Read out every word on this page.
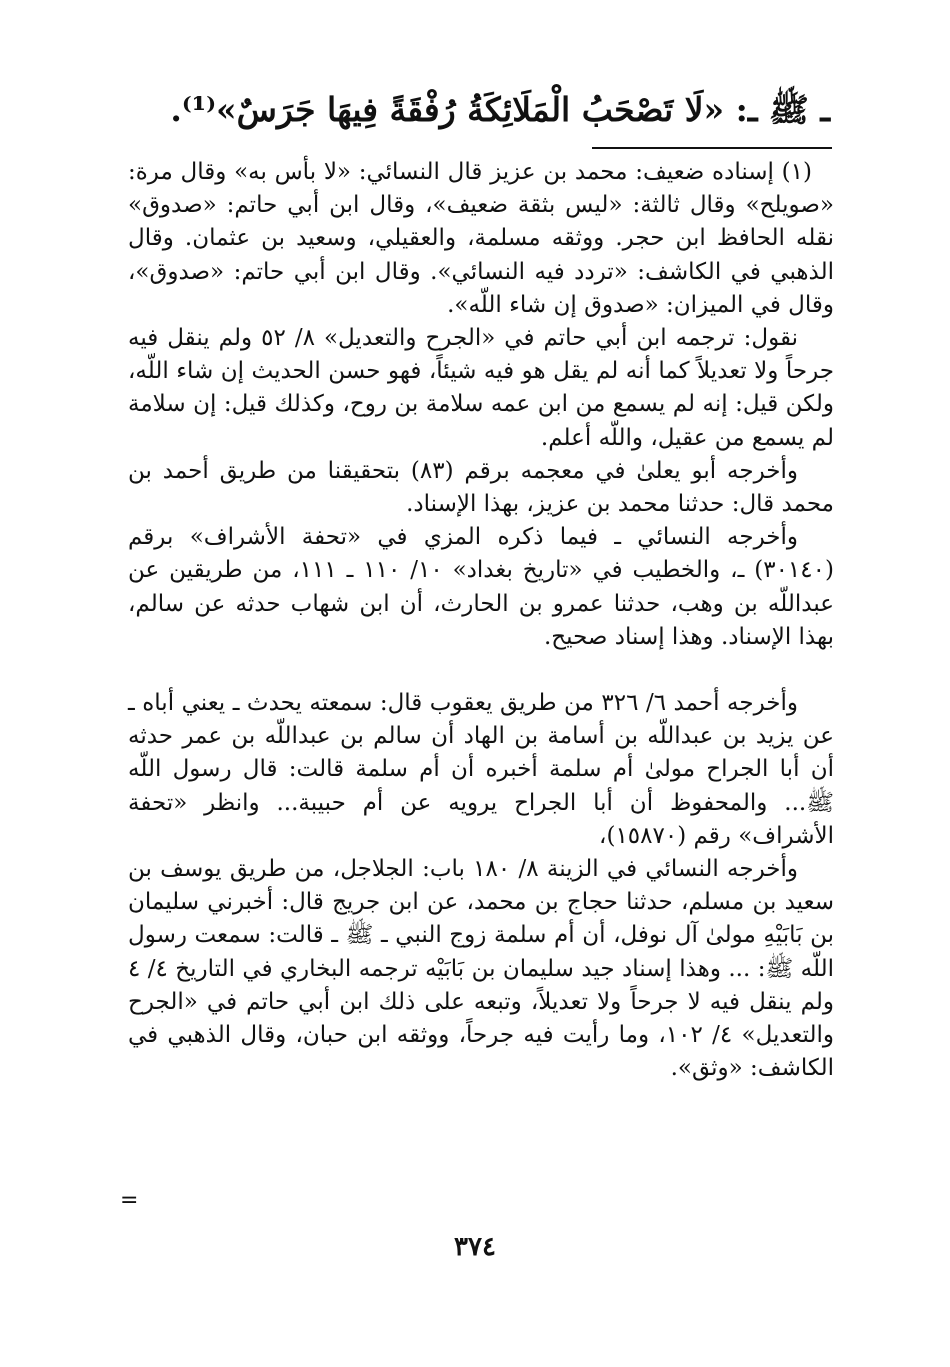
ـ ﷺ ـ: «لَا تَصْحَبُ الْمَلَائِكَةُ رُفْقَةً فِيهَا جَرَسٌ»⁽¹⁾.

(١) إسناده ضعيف: محمد بن عزيز قال النسائي: «لا بأس به» وقال مرة: «صويلح» وقال ثالثة: «ليس بثقة ضعيف»، وقال ابن أبي حاتم: «صدوق» نقله الحافظ ابن حجر. ووثقه مسلمة، والعقيلي، وسعيد بن عثمان. وقال الذهبي في الكاشف: «تردد فيه النسائي». وقال ابن أبي حاتم: «صدوق»، وقال في الميزان: «صدوق إن شاء اللّه».

نقول: ترجمه ابن أبي حاتم في «الجرح والتعديل» ٨/ ٥٢ ولم ينقل فيه جرحاً ولا تعديلاً كما أنه لم يقل هو فيه شيئاً، فهو حسن الحديث إن شاء اللّه، ولكن قيل: إنه لم يسمع من ابن عمه سلامة بن روح، وكذلك قيل: إن سلامة لم يسمع من عقيل، واللّه أعلم.

وأخرجه أبو يعلىٰ في معجمه برقم (٨٣) بتحقيقنا من طريق أحمد بن محمد قال: حدثنا محمد بن عزيز، بهذا الإسناد.

وأخرجه النسائي ـ فيما ذكره المزي في «تحفة الأشراف» برقم (٣٠١٤٠) ـ، والخطيب في «تاريخ بغداد» ١٠/ ١١٠ ـ ١١١، من طريقين عن عبداللّه بن وهب، حدثنا عمرو بن الحارث، أن ابن شهاب حدثه عن سالم، بهذا الإسناد. وهذا إسناد صحيح.

وأخرجه أحمد ٦/ ٣٢٦ من طريق يعقوب قال: سمعته يحدث ـ يعني أباه ـ عن يزيد بن عبداللّه بن أسامة بن الهاد أن سالم بن عبداللّه بن عمر حدثه أن أبا الجراح مولىٰ أم سلمة أخبره أن أم سلمة قالت: قال رسول اللّه ﷺ... والمحفوظ أن أبا الجراح يرويه عن أم حبيبة... وانظر «تحفة الأشراف» رقم (١٥٨٧٠)،

وأخرجه النسائي في الزينة ٨/ ١٨٠ باب: الجلاجل، من طريق يوسف بن سعيد بن مسلم، حدثنا حجاج بن محمد، عن ابن جريج قال: أخبرني سليمان بن بَابَيْهِ مولىٰ آل نوفل، أن أم سلمة زوج النبي ـ ﷺ ـ قالت: سمعت رسول اللّه ﷺ: ... وهذا إسناد جيد سليمان بن بَابَيْه ترجمه البخاري في التاريخ ٤/ ٤ ولم ينقل فيه لا جرحاً ولا تعديلاً، وتبعه على ذلك ابن أبي حاتم في «الجرح والتعديل» ٤/ ١٠٢، وما رأيت فيه جرحاً، ووثقه ابن حبان، وقال الذهبي في الكاشف: «وثق».

=
٣٧٤
